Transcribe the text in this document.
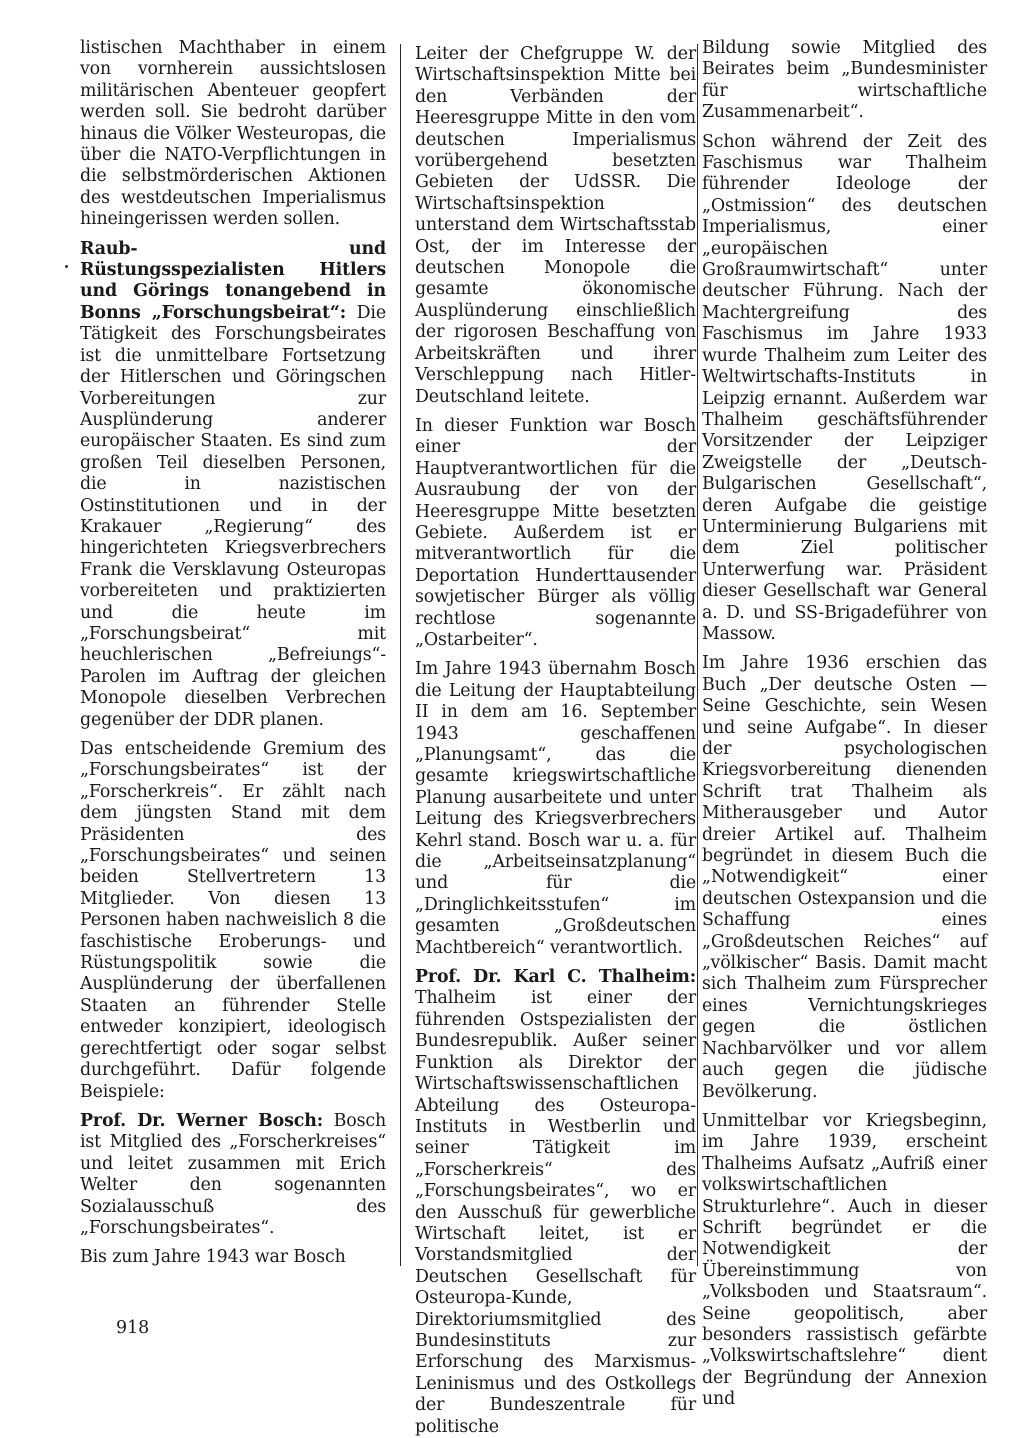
listischen Machthaber in einem von vornherein aussichtslosen militärischen Abenteuer geopfert werden soll. Sie bedroht darüber hinaus die Völker Westeuropas, die über die NATO-Verpflichtungen in die selbstmörderischen Aktionen des westdeutschen Imperialismus hineingerissen werden sollen.

Raub- und Rüstungsspezialisten Hitlers und Görings tonangebend in Bonns „Forschungsbeirat“: Die Tätigkeit des Forschungsbeirates ist die unmittelbare Fortsetzung der Hitlerschen und Göringschen Vorbereitungen zur Ausplünderung anderer europäischer Staaten. Es sind zum großen Teil dieselben Personen, die in nazistischen Ostinstitutionen und in der Krakauer „Regierung“ des hingerichteten Kriegsverbrechers Frank die Versklavung Osteuropas vorbereiteten und praktizierten und die heute im „Forschungsbeirat“ mit heuchlerischen „Befreiungs“-Parolen im Auftrag der gleichen Monopole dieselben Verbrechen gegenüber der DDR planen.

Das entscheidende Gremium des „Forschungsbeirates“ ist der „Forscherkreis“. Er zählt nach dem jüngsten Stand mit dem Präsidenten des „Forschungsbeirates“ und seinen beiden Stellvertretern 13 Mitglieder. Von diesen 13 Personen haben nachweislich 8 die faschistische Eroberungs- und Rüstungspolitik sowie die Ausplünderung der überfallenen Staaten an führender Stelle entweder konzipiert, ideologisch gerechtfertigt oder sogar selbst durchgeführt. Dafür folgende Beispiele:

Prof. Dr. Werner Bosch: Bosch ist Mitglied des „Forscherkreises“ und leitet zusammen mit Erich Welter den sogenannten Sozialausschuß des „Forschungsbeirates“.

Bis zum Jahre 1943 war Bosch

Leiter der Chefgruppe W. der Wirtschaftsinspektion Mitte bei den Verbänden der Heeresgruppe Mitte in den vom deutschen Imperialismus vorübergehend besetzten Gebieten der UdSSR. Die Wirtschaftsinspektion unterstand dem Wirtschaftsstab Ost, der im Interesse der deutschen Monopole die gesamte ökonomische Ausplünderung einschließlich der rigorosen Beschaffung von Arbeitskräften und ihrer Verschleppung nach Hitler-Deutschland leitete.

In dieser Funktion war Bosch einer der Hauptverantwortlichen für die Ausraubung der von der Heeresgruppe Mitte besetzten Gebiete. Außerdem ist er mitverantwortlich für die Deportation Hunderttausender sowjetischer Bürger als völlig rechtlose sogenannte „Ostarbeiter“.

Im Jahre 1943 übernahm Bosch die Leitung der Hauptabteilung II in dem am 16. September 1943 geschaffenen „Planungsamt“, das die gesamte kriegswirtschaftliche Planung ausarbeitete und unter Leitung des Kriegsverbrechers Kehrl stand. Bosch war u. a. für die „Arbeitseinsatzplanung“ und für die „Dringlichkeitsstufen“ im gesamten „Großdeutschen Machtbereich“ verantwortlich.

Prof. Dr. Karl C. Thalheim: Thalheim ist einer der führenden Ostspezialisten der Bundesrepublik. Außer seiner Funktion als Direktor der Wirtschaftswissenschaftlichen Abteilung des Osteuropa-Instituts in Westberlin und seiner Tätigkeit im „Forscherkreis“ des „Forschungsbeirates“, wo er den Ausschuß für gewerbliche Wirtschaft leitet, ist er Vorstandsmitglied der Deutschen Gesellschaft für Osteuropa-Kunde, Direktoriumsmitglied des Bundesinstituts zur Erforschung des Marxismus-Leninismus und des Ostkollegs der Bundeszentrale für politische

Bildung sowie Mitglied des Beirates beim „Bundesminister für wirtschaftliche Zusammenarbeit“.

Schon während der Zeit des Faschismus war Thalheim führender Ideologe der „Ostmission“ des deutschen Imperialismus, einer „europäischen Großraumwirtschaft“ unter deutscher Führung. Nach der Machtergreifung des Faschismus im Jahre 1933 wurde Thalheim zum Leiter des Weltwirtschafts-Instituts in Leipzig ernannt. Außerdem war Thalheim geschäftsführender Vorsitzender der Leipziger Zweigstelle der „Deutsch-Bulgarischen Gesellschaft“, deren Aufgabe die geistige Unterminierung Bulgariens mit dem Ziel politischer Unterwerfung war. Präsident dieser Gesellschaft war General a. D. und SS-Brigadeführer von Massow.

Im Jahre 1936 erschien das Buch „Der deutsche Osten — Seine Geschichte, sein Wesen und seine Aufgabe“. In dieser der psychologischen Kriegsvorbereitung dienenden Schrift trat Thalheim als Mitherausgeber und Autor dreier Artikel auf. Thalheim begründet in diesem Buch die „Notwendigkeit“ einer deutschen Ostexpansion und die Schaffung eines „Großdeutschen Reiches“ auf „völkischer“ Basis. Damit macht sich Thalheim zum Fürsprecher eines Vernichtungskrieges gegen die östlichen Nachbarvölker und vor allem auch gegen die jüdische Bevölkerung.

Unmittelbar vor Kriegsbeginn, im Jahre 1939, erscheint Thalheims Aufsatz „Aufriß einer volkswirtschaftlichen Strukturlehre“. Auch in dieser Schrift begründet er die Notwendigkeit der Übereinstimmung von „Volksboden und Staatsraum“. Seine geopolitisch, aber besonders rassistisch gefärbte „Volkswirtschaftslehre“ dient der Begründung der Annexion und

918
